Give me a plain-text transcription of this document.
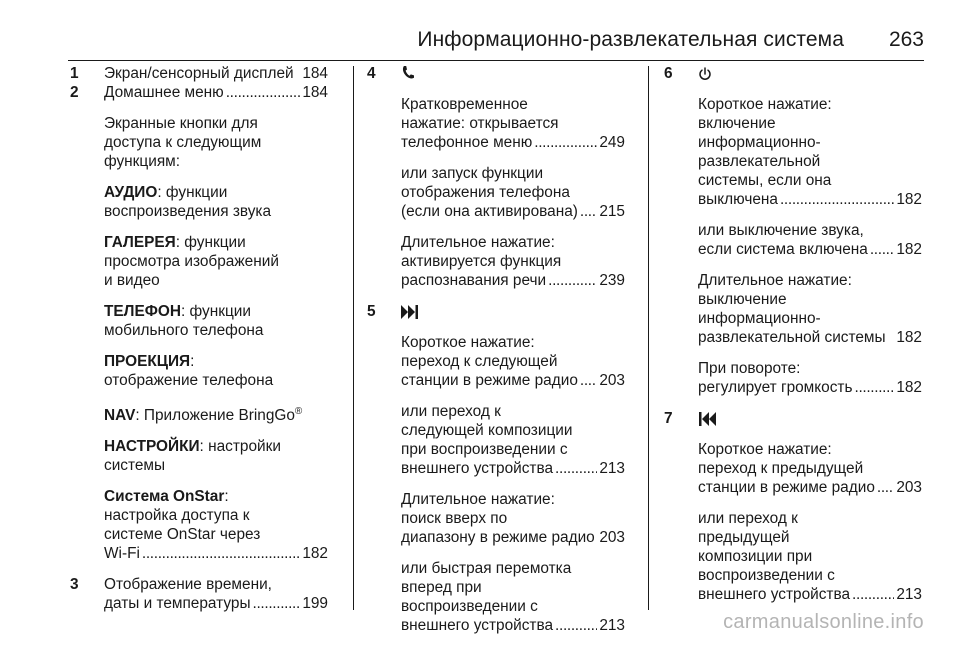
Информационно-развлекательная система 263
1 Экран/сенсорный дисплей 184
2 Домашнее меню . . .	184
Экранные кнопки для
доступа к следующим
функциям:
АУДИО: функции
воспроизведения звука
ГАЛЕРЕЯ: функции
просмотра изображений
и видео
ТЕЛЕФОН: функции
мобильного телефона
ПРОЕКЦИЯ:
отображение телефона
NAV: Приложение BringGo®
НАСТРОЙКИ: настройки
системы
Система OnStar:
настройка доступа к
системе OnStar через
Wi-Fi . . .	182
3 Отображение времени,
даты и температуры . . .	199
4
Кратковременное
нажатие: открывается
телефонное меню . . .	249
или запуск функции
отображения телефона
(если она активирована) . . . 215
Длительное нажатие:
активируется функция
распознавания речи . . .	239
5
Короткое нажатие:
переход к следующей
станции в режиме радио . . . 203
или переход к
следующей композиции
при воспроизведении с
внешнего устройства . . .	213
Длительное нажатие:
поиск вверх по
диапазону в режиме радио 203
или быстрая перемотка
вперед при
воспроизведении с
внешнего устройства . . .	213
6
Короткое нажатие:
включение
информационно-
развлекательной
системы, если она
выключена . . .	182
или выключение звука,
если система включена . . . 182
Длительное нажатие:
выключение
информационно-
развлекательной системы 182
При повороте:
регулирует громкость . . .	182
7
Короткое нажатие:
переход к предыдущей
станции в режиме радио . . . 203
или переход к
предыдущей
композиции при
воспроизведении с
внешнего устройства . . .	213
carmanualsonline.info
